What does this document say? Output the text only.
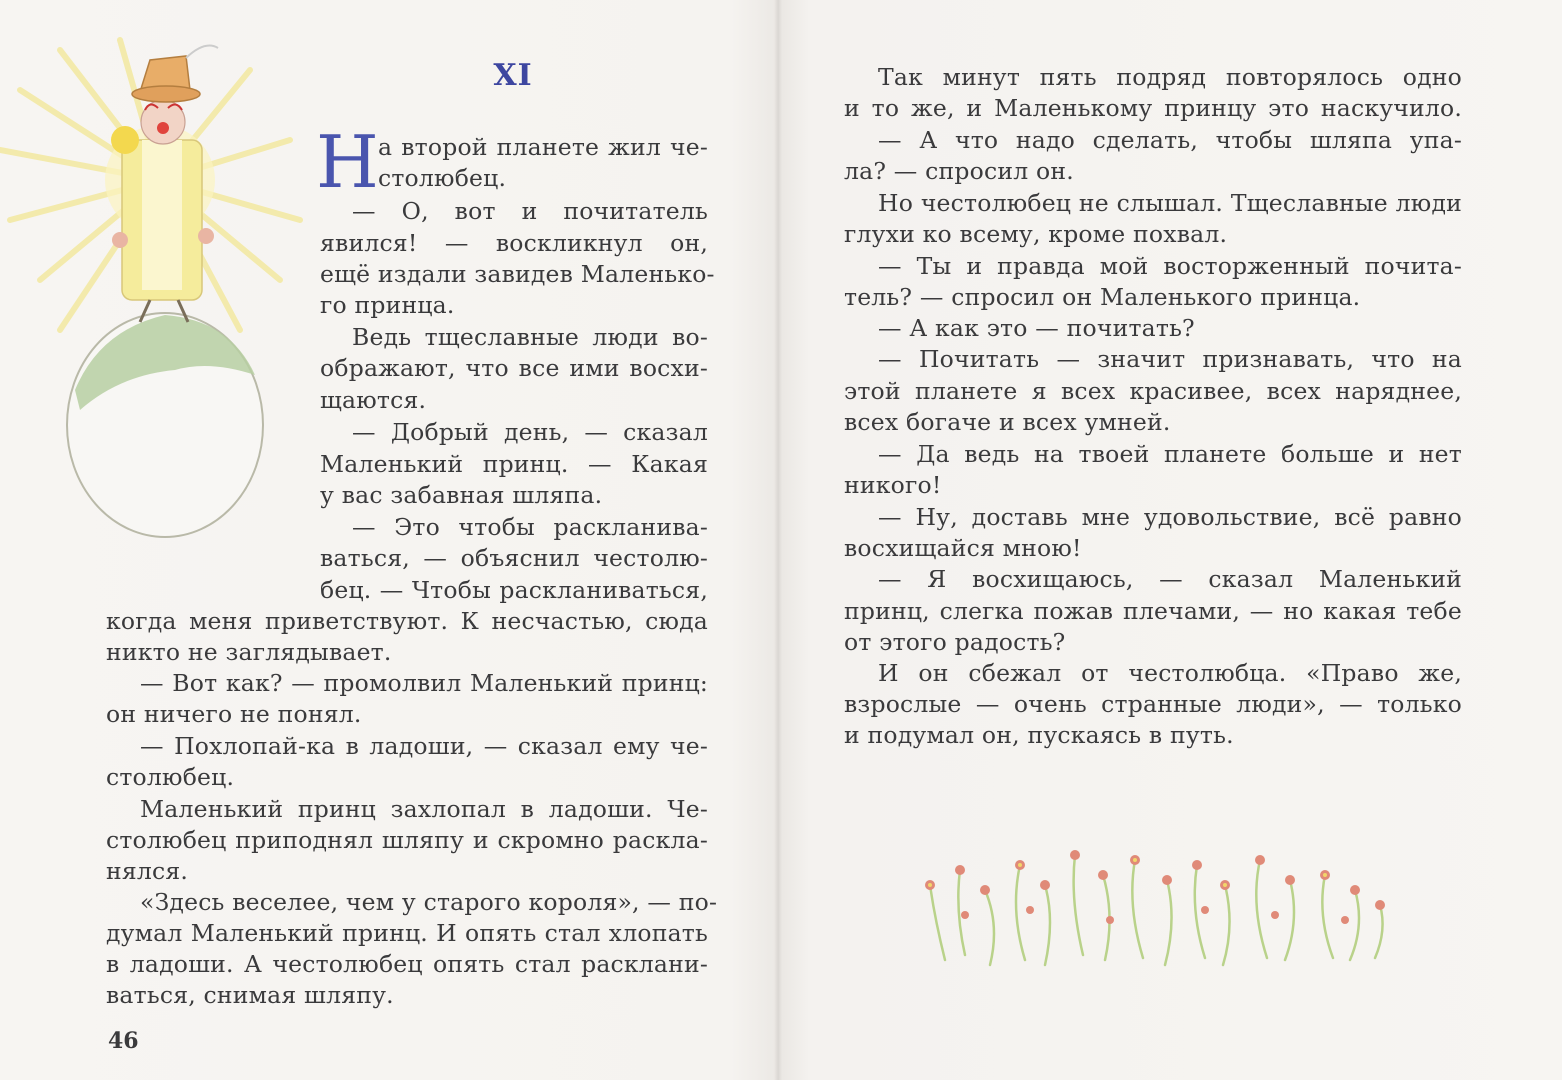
XI
Н а второй планете жил че-
столюбец.
— О, вот и почитатель
явился! — воскликнул он,
ещё издали завидев Маленько-
го принца.
Ведь тщеславные люди во-
ображают, что все ими восхи-
щаются.
— Добрый день, — сказал
Маленький принц. — Какая
у вас забавная шляпа.
— Это чтобы раскланива-
ваться, — объяснил честолю-
бец. — Чтобы раскланиваться,
когда меня приветствуют. К несчастью, сюда
никто не заглядывает.
— Вот как? — промолвил Маленький принц:
он ничего не понял.
— Похлопай-ка в ладоши, — сказал ему че-
столюбец.
Маленький принц захлопал в ладоши. Че-
столюбец приподнял шляпу и скромно раскла-
нялся.
«Здесь веселее, чем у старого короля», — по-
думал Маленький принц. И опять стал хлопать
в ладоши. А честолюбец опять стал расклани-
ваться, снимая шляпу.
46
Так минут пять подряд повторялось одно
и то же, и Маленькому принцу это наскучило.
— А что надо сделать, чтобы шляпа упа-
ла? — спросил он.
Но честолюбец не слышал. Тщеславные люди
глухи ко всему, кроме похвал.
— Ты и правда мой восторженный почита-
тель? — спросил он Маленького принца.
— А как это — почитать?
— Почитать — значит признавать, что на
этой планете я всех красивее, всех наряднее,
всех богаче и всех умней.
— Да ведь на твоей планете больше и нет
никого!
— Ну, доставь мне удовольствие, всё равно
восхищайся мною!
— Я восхищаюсь, — сказал Маленький
принц, слегка пожав плечами, — но какая тебе
от этого радость?
И он сбежал от честолюбца. «Право же,
взрослые — очень странные люди», — только
и подумал он, пускаясь в путь.
